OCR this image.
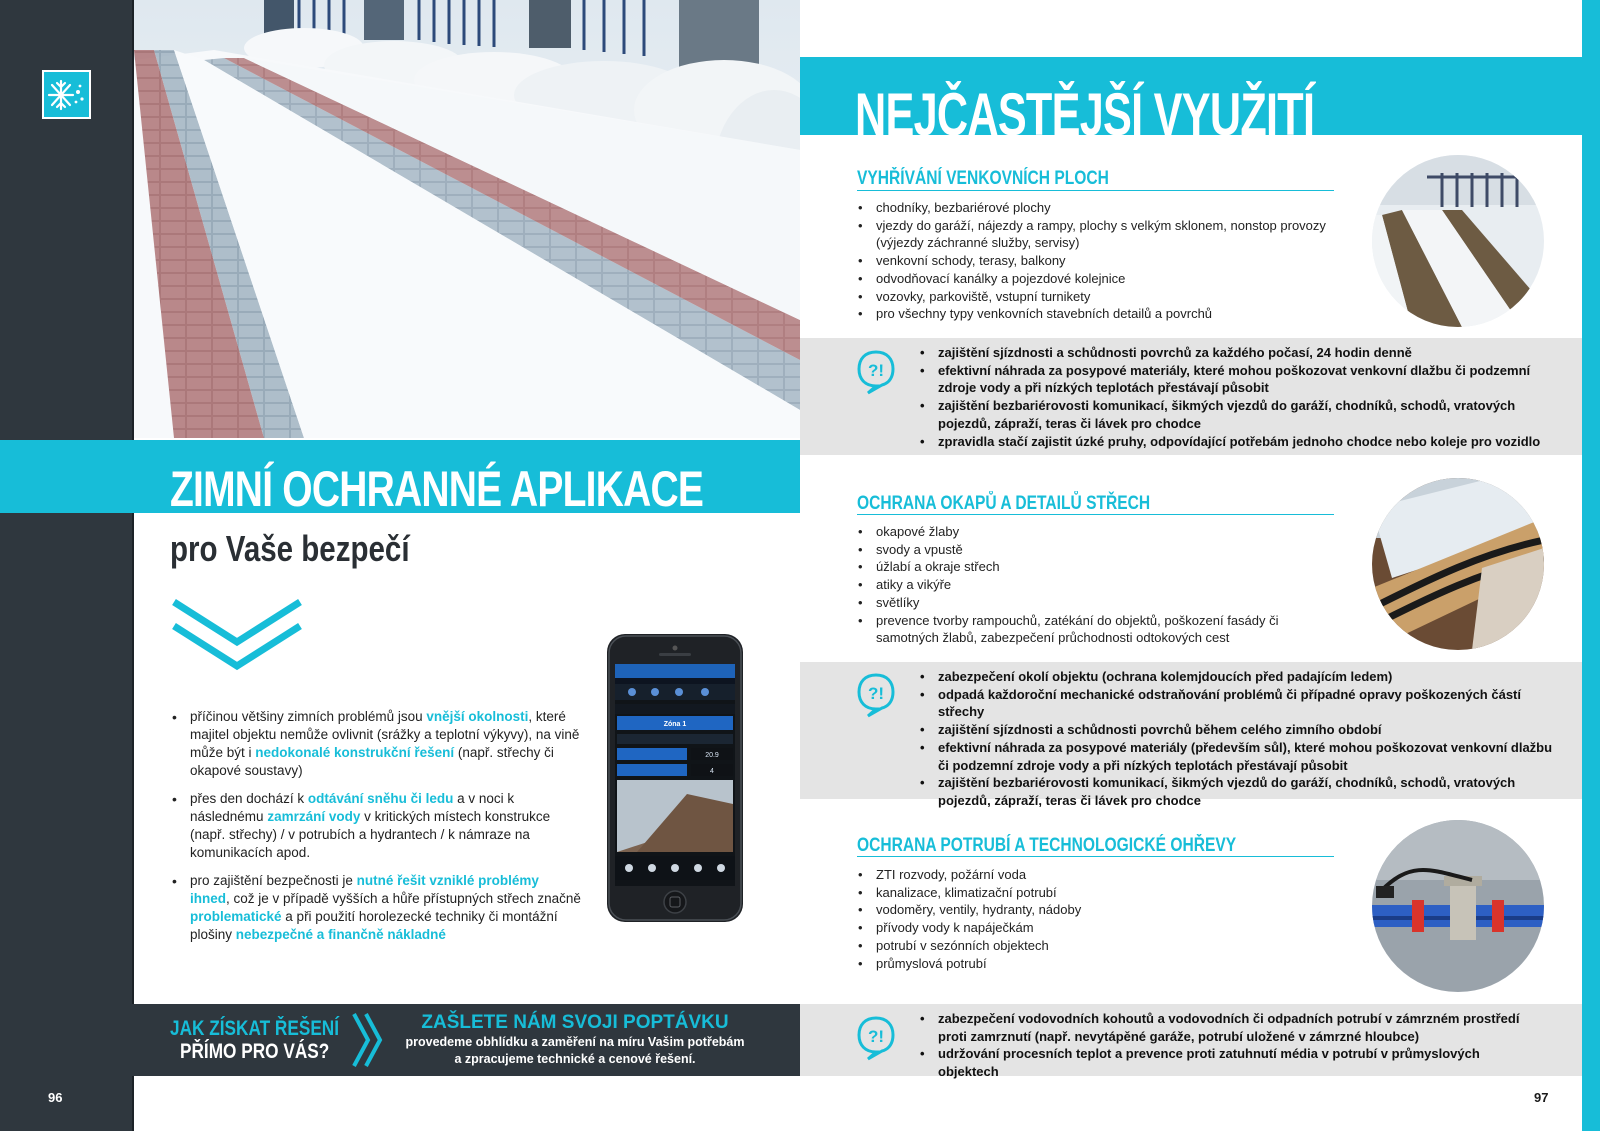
96
ZIMNÍ OCHRANNÉ APLIKACE
pro Vaše bezpečí
• příčinou většiny zimních problémů jsou vnější okolnosti, které majitel objektu nemůže ovlivnit (srážky a teplotní výkyvy), na vině může být i nedokonalé konstrukční řešení (např. střechy či okapové soustavy)
• přes den dochází k odtávání sněhu či ledu a v noci k následnému zamrzání vody v kritických místech konstrukce (např. střechy) / v potrubích a hydrantech / k námraze na komunikacích apod.
• pro zajištění bezpečnosti je nutné řešit vzniklé problémy ihned, což je v případě vyšších a hůře přístupných střech značně problematické a při použití horolezecké techniky či montážní plošiny nebezpečné a finančně nákladné
Zóna 1
20.9
4
JAK ZÍSKAT ŘEŠENÍ
PŘÍMO PRO VÁS?
ZAŠLETE NÁM SVOJI POPTÁVKU
provedeme obhlídku a zaměření na míru Vašim potřebám
a zpracujeme technické a cenové řešení.
NEJČASTĚJŠÍ VYUŽITÍ
VYHŘÍVÁNÍ VENKOVNÍCH PLOCH
• chodníky, bezbariérové plochy
• vjezdy do garáží, nájezdy a rampy, plochy s velkým sklonem, nonstop provozy (výjezdy záchranné služby, servisy)
• venkovní schody, terasy, balkony
• odvodňovací kanálky a pojezdové kolejnice
• vozovky, parkoviště, vstupní turnikety
• pro všechny typy venkovních stavebních detailů a povrchů
?!
• zajištění sjízdnosti a schůdnosti povrchů za každého počasí, 24 hodin denně
• efektivní náhrada za posypové materiály, které mohou poškozovat venkovní dlažbu či podzemní zdroje vody a při nízkých teplotách přestávají působit
• zajištění bezbariérovosti komunikací, šikmých vjezdů do garáží, chodníků, schodů, vratových pojezdů, zápraží, teras či lávek pro chodce
• zpravidla stačí zajistit úzké pruhy, odpovídající potřebám jednoho chodce nebo koleje pro vozidlo
OCHRANA OKAPŮ A DETAILŮ STŘECH
• okapové žlaby
• svody a vpustě
• úžlabí a okraje střech
• atiky a vikýře
• světlíky
• prevence tvorby rampouchů, zatékání do objektů, poškození fasády či samotných žlabů, zabezpečení průchodnosti odtokových cest
?!
• zabezpečení okolí objektu (ochrana kolemjdoucích před padajícím ledem)
• odpadá každoroční mechanické odstraňování problémů či případné opravy poškozených částí střechy
• zajištění sjízdnosti a schůdnosti povrchů během celého zimního období
• efektivní náhrada za posypové materiály (především sůl), které mohou poškozovat venkovní dlažbu či podzemní zdroje vody a při nízkých teplotách přestávají působit
• zajištění bezbariérovosti komunikací, šikmých vjezdů do garáží, chodníků, schodů, vratových pojezdů, zápraží, teras či lávek pro chodce
OCHRANA POTRUBÍ A TECHNOLOGICKÉ OHŘEVY
• ZTI rozvody, požární voda
• kanalizace, klimatizační potrubí
• vodoměry, ventily, hydranty, nádoby
• přívody vody k napáječkám
• potrubí v sezónních objektech
• průmyslová potrubí
?!
• zabezpečení vodovodních kohoutů a vodovodních či odpadních potrubí v zámrzném prostředí proti zamrznutí (např. nevytápěné garáže, potrubí uložené v zámrzné hloubce)
• udržování procesních teplot a prevence proti zatuhnutí média v potrubí v průmyslových objektech
97
